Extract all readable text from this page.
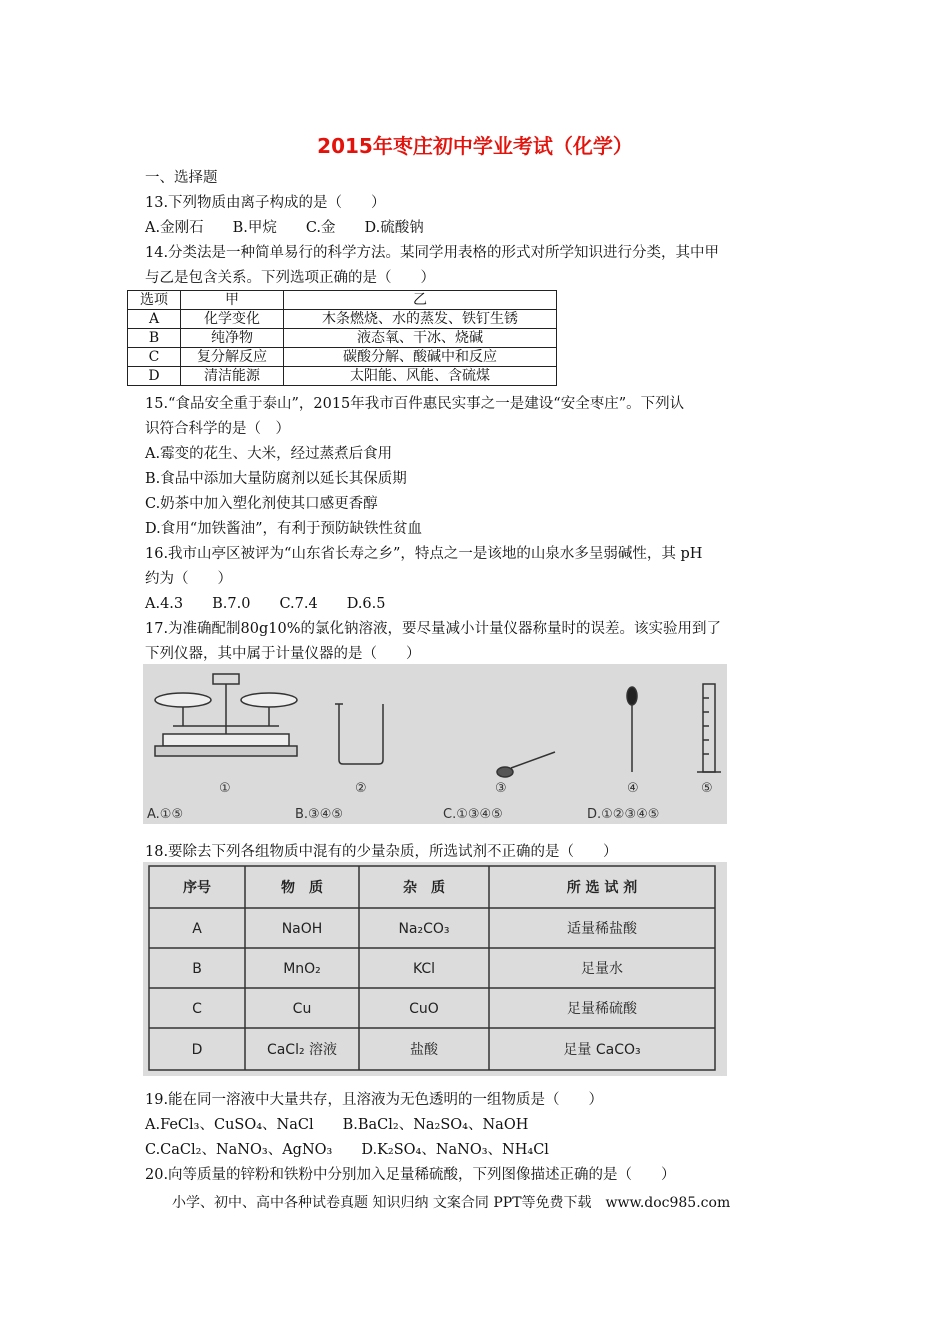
2015年枣庄初中学业考试（化学）
一、选择题
13.下列物质由离子构成的是（　　）
A.金刚石　　B.甲烷　　C.金　　D.硫酸钠
14.分类法是一种简单易行的科学方法。某同学用表格的形式对所学知识进行分类，其中甲
与乙是包含关系。下列选项正确的是（　　）
选项	甲	乙
A	化学变化	木条燃烧、水的蒸发、铁钉生锈
B	纯净物	液态氧、干冰、烧碱
C	复分解反应	碳酸分解、酸碱中和反应
D	清洁能源	太阳能、风能、含硫煤
15.“食品安全重于泰山”，2015年我市百件惠民实事之一是建设“安全枣庄”。下列认
识符合科学的是（　）
A.霉变的花生、大米，经过蒸煮后食用
B.食品中添加大量防腐剂以延长其保质期
C.奶茶中加入塑化剂使其口感更香醇
D.食用“加铁酱油”，有利于预防缺铁性贫血
16.我市山亭区被评为“山东省长寿之乡”，特点之一是该地的山泉水多呈弱碱性，其 pH
约为（　　）
A.4.3　　B.7.0　　C.7.4　　D.6.5
17.为准确配制80g10%的氯化钠溶液，要尽量减小计量仪器称量时的误差。该实验用到了
下列仪器，其中属于计量仪器的是（　　）
①	②	③	④	⑤
A.①⑤	B.③④⑤	C.①③④⑤	D.①②③④⑤
18.要除去下列各组物质中混有的少量杂质，所选试剂不正确的是（　　）
序号	物　质	杂　质	所 选 试 剂
A	NaOH	Na₂CO₃	适量稀盐酸
B	MnO₂	KCl	足量水
C	Cu	CuO	足量稀硫酸
D	CaCl₂ 溶液	盐酸	足量 CaCO₃
19.能在同一溶液中大量共存，且溶液为无色透明的一组物质是（　　）
A.FeCl₃、CuSO₄、NaCl　　B.BaCl₂、Na₂SO₄、NaOH
C.CaCl₂、NaNO₃、AgNO₃　　D.K₂SO₄、NaNO₃、NH₄Cl
20.向等质量的锌粉和铁粉中分别加入足量稀硫酸，下列图像描述正确的是（　　）
小学、初中、高中各种试卷真题 知识归纳 文案合同 PPT等免费下载　www.doc985.com
